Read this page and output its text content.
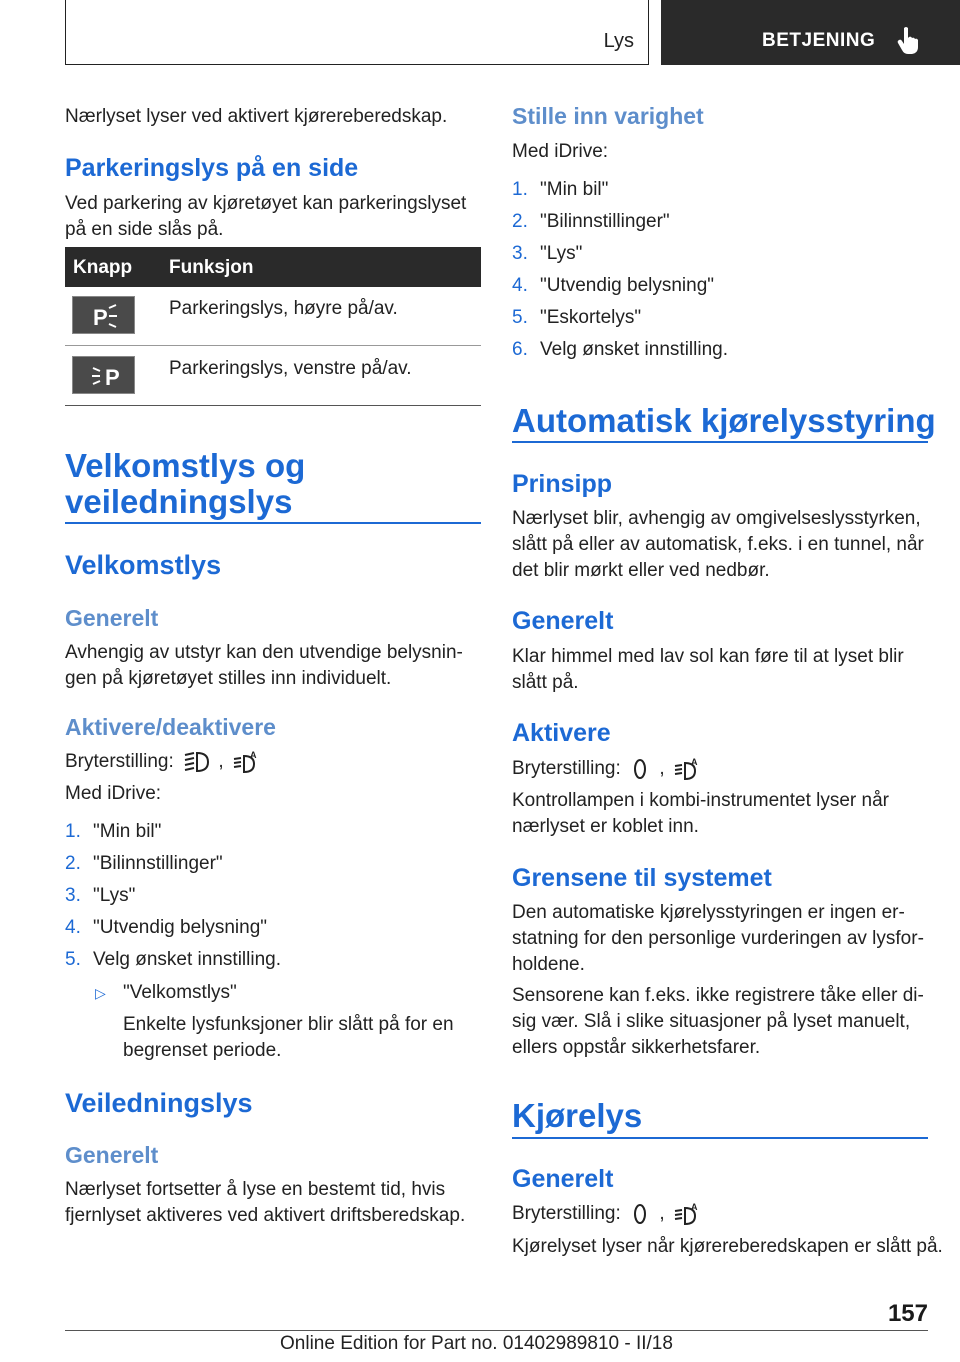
Lys	BETJENING
Nærlyset lyser ved aktivert kjørereberedskap.
Parkeringslys på en side
Ved parkering av kjøretøyet kan parkeringslyset
på en side slås på.
Knapp Funksjon
P	Parkeringslys, høyre på/av.
P	Parkeringslys, venstre på/av.
Velkomstlys og
veiledningslys
Velkomstlys
Generelt
Avhengig av utstyr kan den utvendige belysnin-
gen på kjøretøyet stilles inn individuelt.
Aktivere/deaktivere
Bryterstilling: ,	A
Med iDrive:
1. "Min bil"
2. "Bilinnstillinger"
3. "Lys"
4. "Utvendig belysning"
5. Velg ønsket innstilling.
▷ "Velkomstlys"
Enkelte lysfunksjoner blir slått på for en
begrenset periode.
Veiledningslys
Generelt
Nærlyset fortsetter å lyse en bestemt tid, hvis
fjernlyset aktiveres ved aktivert driftsberedskap.
Stille inn varighet
Med iDrive:
1. "Min bil"
2. "Bilinnstillinger"
3. "Lys"
4. "Utvendig belysning"
5. "Eskortelys"
6. Velg ønsket innstilling.
Automatisk kjørelysstyring
Prinsipp
Nærlyset blir, avhengig av omgivelseslysstyrken,
slått på eller av automatisk, f.eks. i en tunnel, når
det blir mørkt eller ved nedbør.
Generelt
Klar himmel med lav sol kan føre til at lyset blir
slått på.
Aktivere
Bryterstilling: ,	A
Kontrollampen i kombi-instrumentet lyser når
nærlyset er koblet inn.
Grensene til systemet
Den automatiske kjørelysstyringen er ingen er-
statning for den personlige vurderingen av lysfor-
holdene.
Sensorene kan f.eks. ikke registrere tåke eller di-
sig vær. Slå i slike situasjoner på lyset manuelt,
ellers oppstår sikkerhetsfarer.
Kjørelys
Generelt
Bryterstilling: ,	A
Kjørelyset lyser når kjørereberedskapen er slått på.
157
Online Edition for Part no. 01402989810 - II/18
